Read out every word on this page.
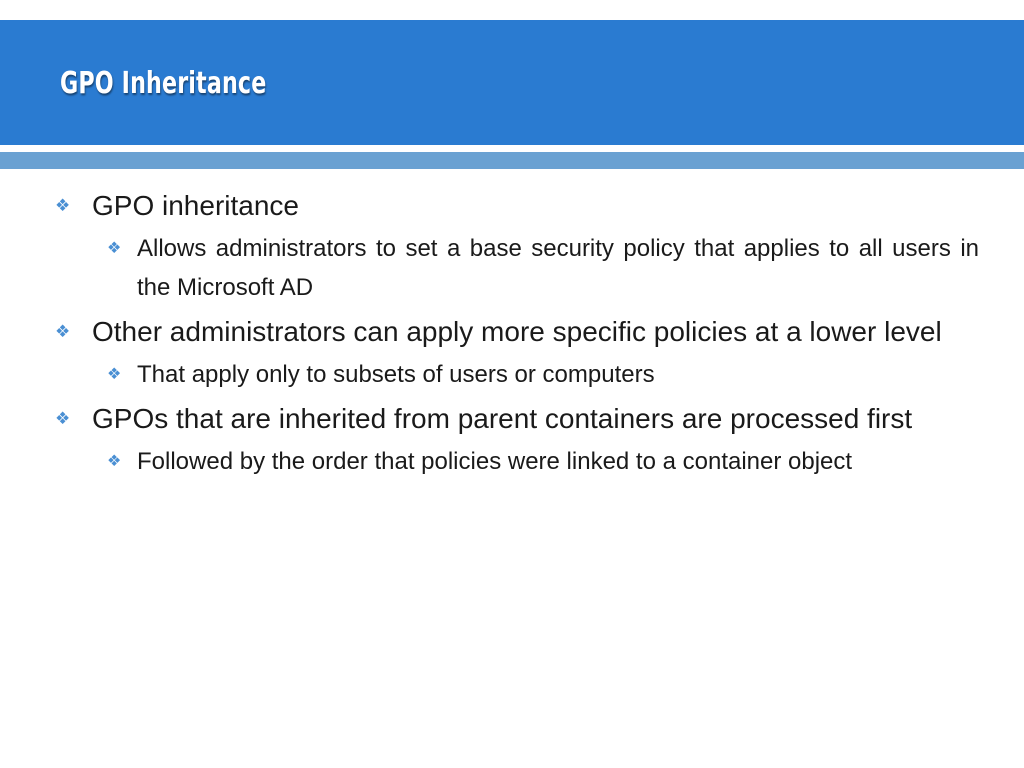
GPO Inheritance
❖ GPO inheritance
❖ Allows administrators to set a base security policy that applies to all users in the Microsoft AD
❖ Other administrators can apply more specific policies at a lower level
❖ That apply only to subsets of users or computers
❖ GPOs that are inherited from parent containers are processed first
❖ Followed by the order that policies were linked to a container object
